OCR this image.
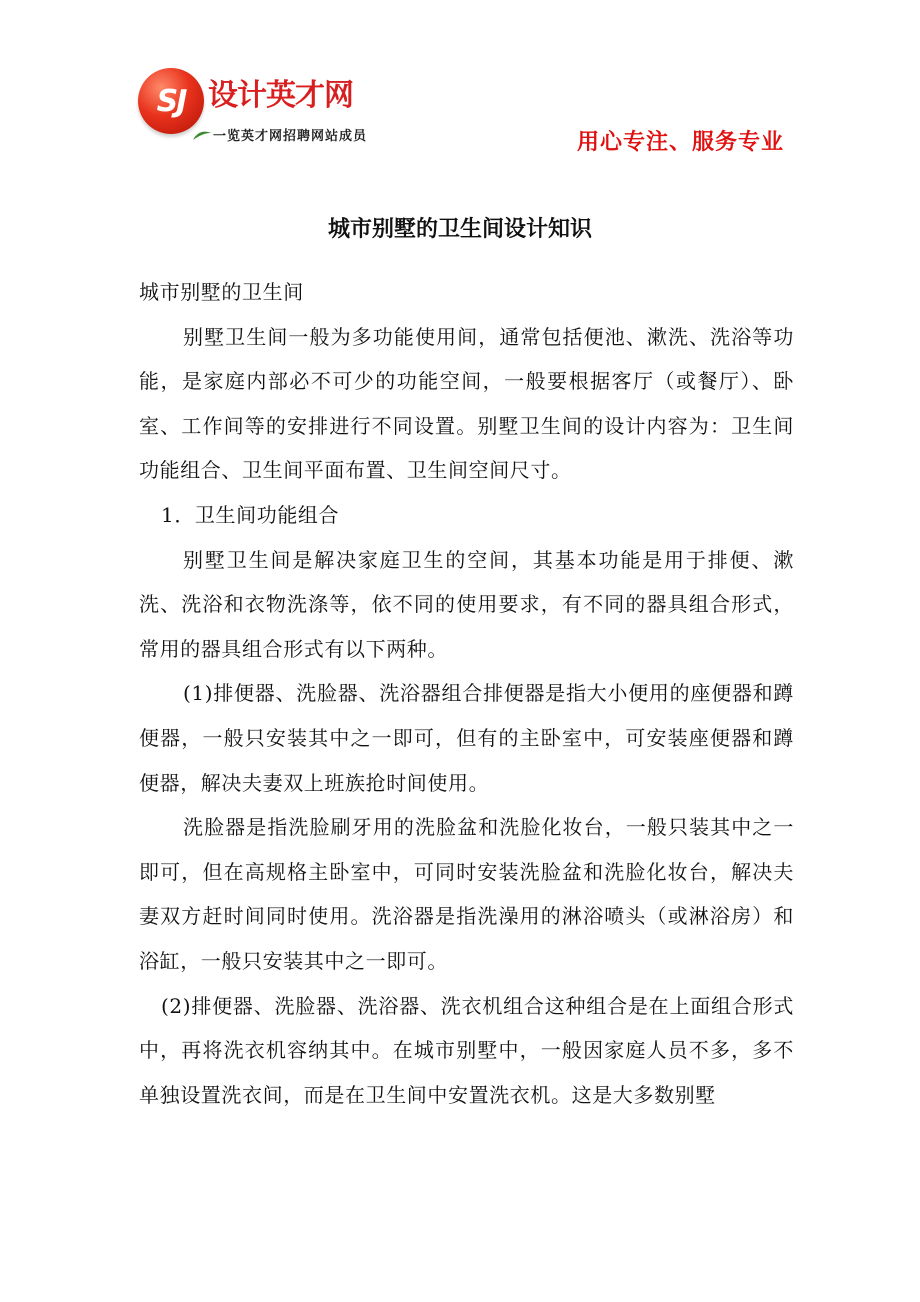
SJ 设计英才网
一览英才网招聘网站成员	用心专注、服务专业
城市别墅的卫生间设计知识

城市别墅的卫生间

别墅卫生间一般为多功能使用间，通常包括便池、漱洗、洗浴等功能，是家庭内部必不可少的功能空间，一般要根据客厅（或餐厅）、卧室、工作间等的安排进行不同设置。别墅卫生间的设计内容为：卫生间功能组合、卫生间平面布置、卫生间空间尺寸。

1．卫生间功能组合

别墅卫生间是解决家庭卫生的空间，其基本功能是用于排便、漱洗、洗浴和衣物洗涤等，依不同的使用要求，有不同的器具组合形式，常用的器具组合形式有以下两种。

(1)排便器、洗脸器、洗浴器组合排便器是指大小便用的座便器和蹲便器，一般只安装其中之一即可，但有的主卧室中，可安装座便器和蹲便器，解决夫妻双上班族抢时间使用。

洗脸器是指洗脸刷牙用的洗脸盆和洗脸化妆台，一般只装其中之一即可，但在高规格主卧室中，可同时安装洗脸盆和洗脸化妆台，解决夫妻双方赶时间同时使用。洗浴器是指洗澡用的淋浴喷头（或淋浴房）和浴缸，一般只安装其中之一即可。

(2)排便器、洗脸器、洗浴器、洗衣机组合这种组合是在上面组合形式中，再将洗衣机容纳其中。在城市别墅中，一般因家庭人员不多，多不单独设置洗衣间，而是在卫生间中安置洗衣机。这是大多数别墅
